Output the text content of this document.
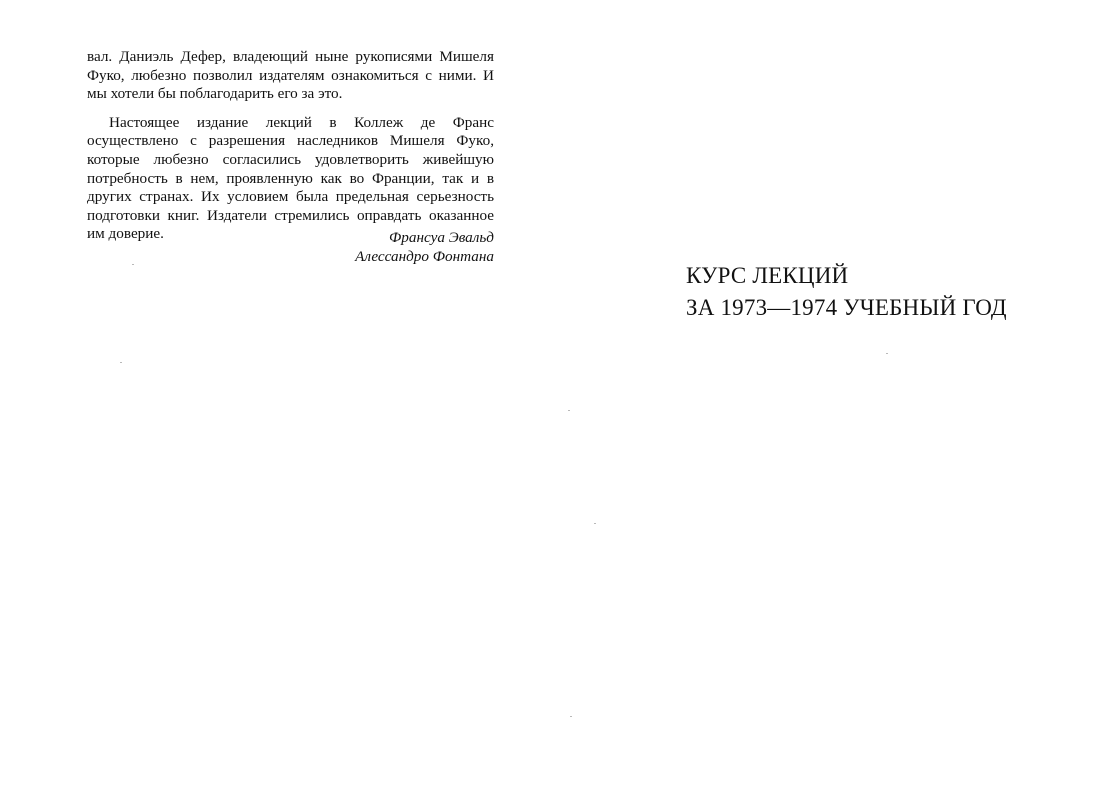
вал. Даниэль Дефер, владеющий ныне рукописями Мишеля Фуко, любезно позволил издателям ознакомиться с ними. И мы хотели бы поблагодарить его за это.

Настоящее издание лекций в Коллеж де Франс осуществлено с разрешения наследников Мишеля Фуко, которые любезно согласились удовлетворить живейшую потребность в нем, проявленную как во Франции, так и в других странах. Их условием была предельная серьезность подготовки книг. Издатели стремились оправдать оказанное им доверие.	Франсуа Эвальд
Алессандро Фонтана
КУРС ЛЕКЦИЙ
ЗА 1973—1974 УЧЕБНЫЙ ГОД
